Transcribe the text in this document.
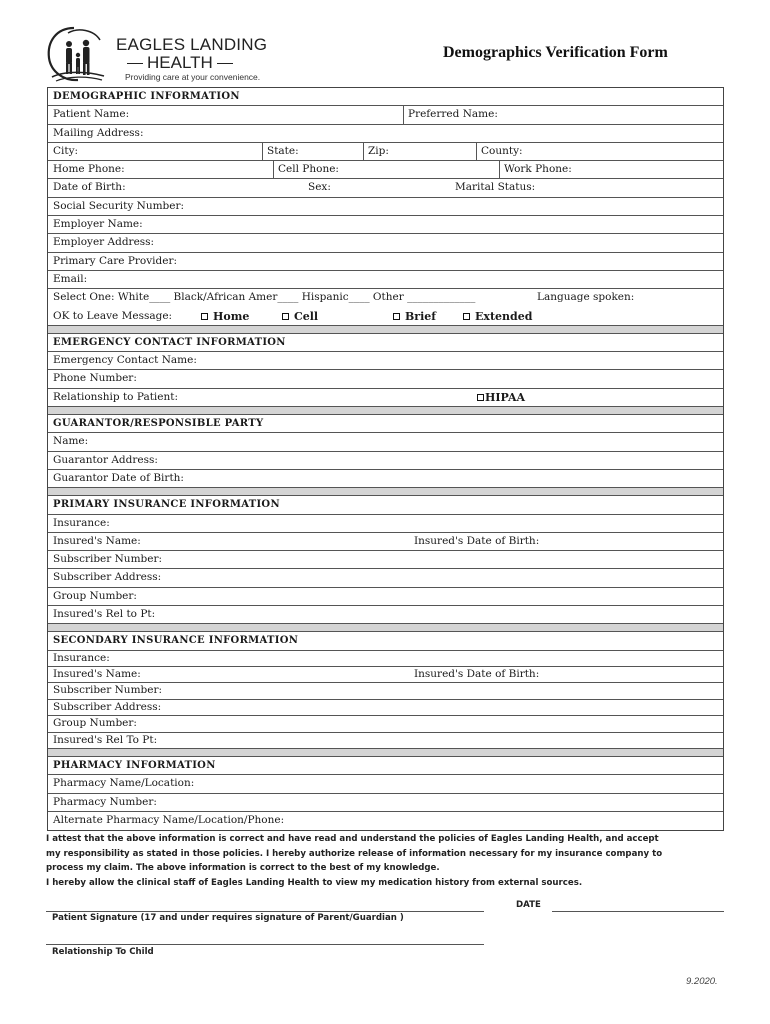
EAGLES LANDING
HEALTH
Providing care at your convenience.
Demographics Verification Form
DEMOGRAPHIC INFORMATION
Patient Name:	Preferred Name:
Mailing Address:
City:	State:	Zip:	County:
Home Phone:	Cell Phone:	Work Phone:
Date of Birth:	Sex:	Marital Status:
Social Security Number:
Employer Name:
Employer Address:
Primary Care Provider:
Email:
Select One: White____ Black/African Amer____ Hispanic____ Other _____________	Language spoken:
OK to Leave Message:	Home	Cell	Brief	Extended
EMERGENCY CONTACT INFORMATION
Emergency Contact Name:
Phone Number:
Relationship to Patient:	HIPAA
GUARANTOR/RESPONSIBLE PARTY
Name:
Guarantor Address:
Guarantor Date of Birth:
PRIMARY INSURANCE INFORMATION
Insurance:
Insured's Name:	Insured's Date of Birth:
Subscriber Number:
Subscriber Address:
Group Number:
Insured's Rel to Pt:
SECONDARY INSURANCE INFORMATION
Insurance:
Insured's Name:	Insured's Date of Birth:
Subscriber Number:
Subscriber Address:
Group Number:
Insured's Rel To Pt:
PHARMACY INFORMATION
Pharmacy Name/Location:
Pharmacy Number:
Alternate Pharmacy Name/Location/Phone:
I attest that the above information is correct and have read and understand the policies of Eagles Landing Health, and accept
my responsibility as stated in those policies. I hereby authorize release of information necessary for my insurance company to
process my claim. The above information is correct to the best of my knowledge.
I hereby allow the clinical staff of Eagles Landing Health to view my medication history from external sources.
DATE
Patient Signature (17 and under requires signature of Parent/Guardian )
Relationship To Child
9.2020.
